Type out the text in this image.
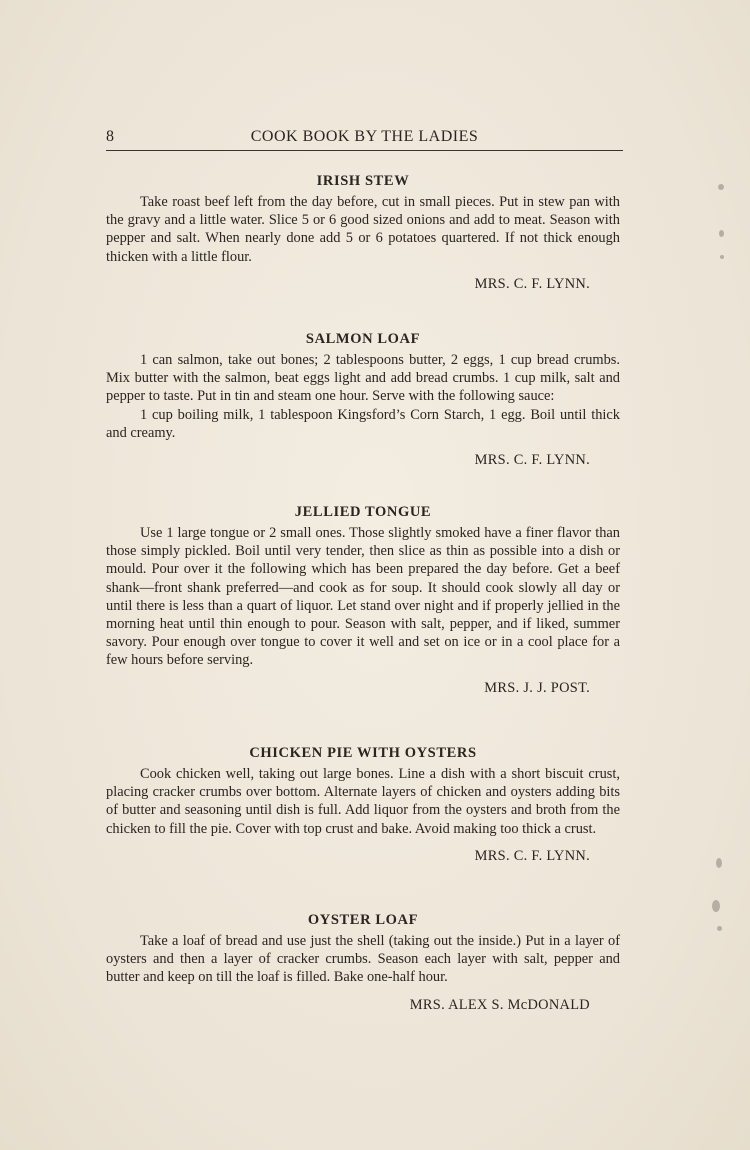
8	COOK BOOK BY THE LADIES
IRISH STEW

Take roast beef left from the day before, cut in small pieces. Put in stew pan with the gravy and a little water. Slice 5 or 6 good sized onions and add to meat. Season with pepper and salt. When nearly done add 5 or 6 potatoes quartered. If not thick enough thicken with a little flour.

MRS. C. F. LYNN.
SALMON LOAF

1 can salmon, take out bones; 2 tablespoons butter, 2 eggs, 1 cup bread crumbs. Mix butter with the salmon, beat eggs light and add bread crumbs. 1 cup milk, salt and pepper to taste. Put in tin and steam one hour. Serve with the following sauce:

1 cup boiling milk, 1 tablespoon Kingsford’s Corn Starch, 1 egg. Boil until thick and creamy.

MRS. C. F. LYNN.
JELLIED TONGUE

Use 1 large tongue or 2 small ones. Those slightly smoked have a finer flavor than those simply pickled. Boil until very tender, then slice as thin as possible into a dish or mould. Pour over it the following which has been prepared the day before. Get a beef shank—front shank preferred—and cook as for soup. It should cook slowly all day or until there is less than a quart of liquor. Let stand over night and if properly jellied in the morning heat until thin enough to pour. Season with salt, pepper, and if liked, summer savory. Pour enough over tongue to cover it well and set on ice or in a cool place for a few hours before serving.

MRS. J. J. POST.
CHICKEN PIE WITH OYSTERS

Cook chicken well, taking out large bones. Line a dish with a short biscuit crust, placing cracker crumbs over bottom. Alternate layers of chicken and oysters adding bits of butter and seasoning until dish is full. Add liquor from the oysters and broth from the chicken to fill the pie. Cover with top crust and bake. Avoid making too thick a crust.

MRS. C. F. LYNN.
OYSTER LOAF

Take a loaf of bread and use just the shell (taking out the inside.) Put in a layer of oysters and then a layer of cracker crumbs. Season each layer with salt, pepper and butter and keep on till the loaf is filled. Bake one-half hour.

MRS. ALEX S. McDONALD
